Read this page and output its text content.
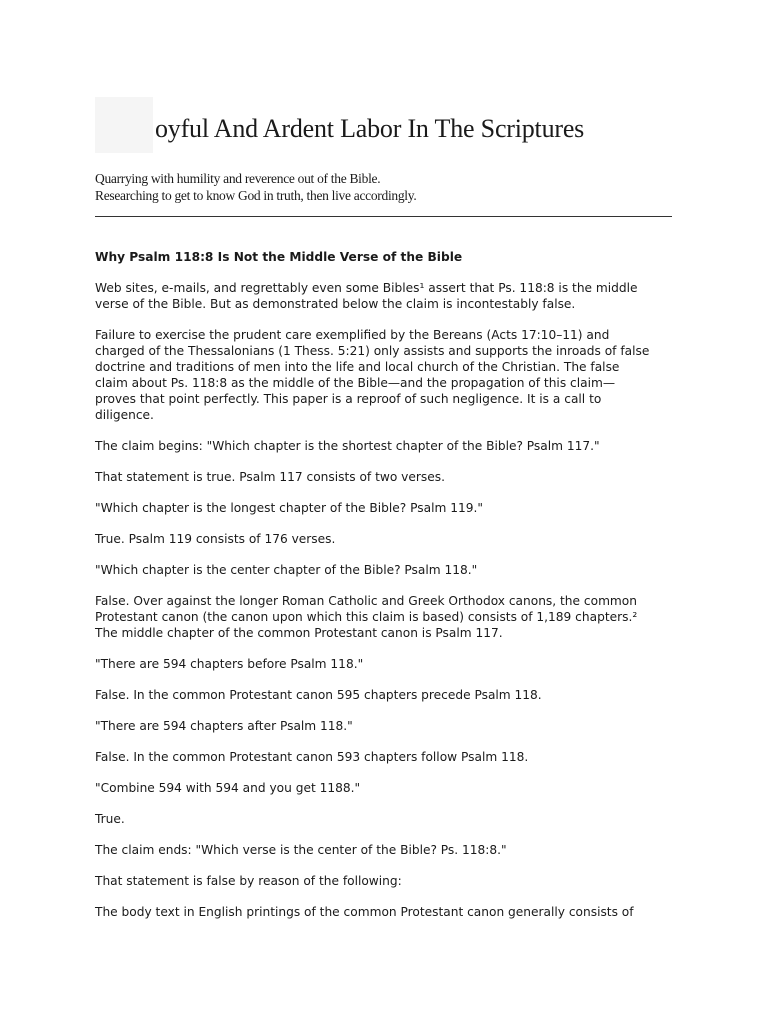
oyful And Ardent Labor In The Scriptures
Quarrying with humility and reverence out of the Bible.
Researching to get to know God in truth, then live accordingly.
Why Psalm 118:8 Is Not the Middle Verse of the Bible

Web sites, e-mails, and regrettably even some Bibles¹ assert that Ps. 118:8 is the middle
verse of the Bible. But as demonstrated below the claim is incontestably false.

Failure to exercise the prudent care exemplified by the Bereans (Acts 17:10–11) and
charged of the Thessalonians (1 Thess. 5:21) only assists and supports the inroads of false
doctrine and traditions of men into the life and local church of the Christian. The false
claim about Ps. 118:8 as the middle of the Bible—and the propagation of this claim—
proves that point perfectly. This paper is a reproof of such negligence. It is a call to
diligence.

The claim begins: "Which chapter is the shortest chapter of the Bible? Psalm 117."

That statement is true. Psalm 117 consists of two verses.

"Which chapter is the longest chapter of the Bible? Psalm 119."

True. Psalm 119 consists of 176 verses.

"Which chapter is the center chapter of the Bible? Psalm 118."

False. Over against the longer Roman Catholic and Greek Orthodox canons, the common
Protestant canon (the canon upon which this claim is based) consists of 1,189 chapters.²
The middle chapter of the common Protestant canon is Psalm 117.

"There are 594 chapters before Psalm 118."

False. In the common Protestant canon 595 chapters precede Psalm 118.

"There are 594 chapters after Psalm 118."

False. In the common Protestant canon 593 chapters follow Psalm 118.

"Combine 594 with 594 and you get 1188."

True.

The claim ends: "Which verse is the center of the Bible? Ps. 118:8."

That statement is false by reason of the following:

The body text in English printings of the common Protestant canon generally consists of
